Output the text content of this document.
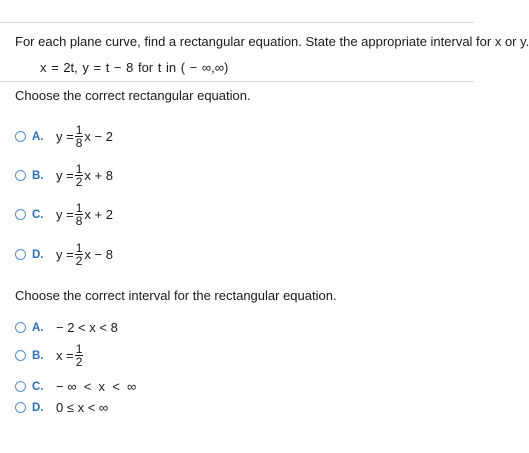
For each plane curve, find a rectangular equation. State the appropriate interval for x or y.
x = 2t, y = t − 8 for t in ( − ∞,∞)
Choose the correct rectangular equation.
A. $y = \frac{1}{8}$ x − 2
B. $y = \frac{1}{2}$ x + 8
C. $y = \frac{1}{8}$ x + 2
D. $y = \frac{1}{2}$ x − 8
Choose the correct interval for the rectangular equation.
A. − 2 < x < 8
B. $x = \frac{1}{2}$
C. − ∞  <  x  <  ∞
D. 0 ≤ x < ∞
